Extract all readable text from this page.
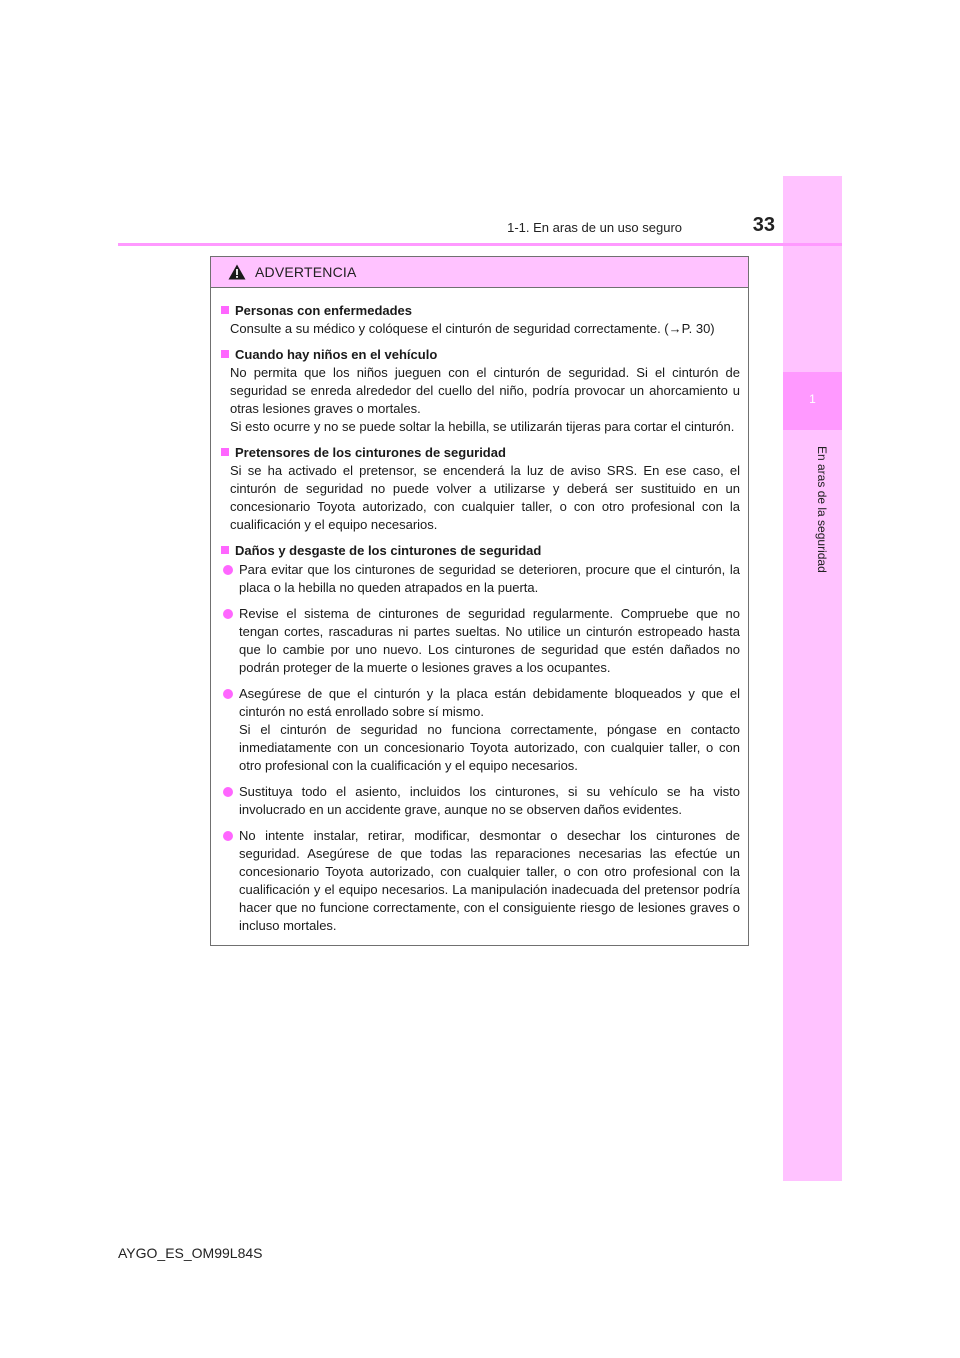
1
En aras de la seguridad
1-1. En aras de un uso seguro	33
ADVERTENCIA
Personas con enfermedades
Consulte a su médico y colóquese el cinturón de seguridad correctamente. (→P. 30)
Cuando hay niños en el vehículo
No permita que los niños jueguen con el cinturón de seguridad. Si el cinturón de seguridad se enreda alrededor del cuello del niño, podría provocar un ahorcamiento u otras lesiones graves o mortales.
Si esto ocurre y no se puede soltar la hebilla, se utilizarán tijeras para cortar el cinturón.
Pretensores de los cinturones de seguridad
Si se ha activado el pretensor, se encenderá la luz de aviso SRS. En ese caso, el cinturón de seguridad no puede volver a utilizarse y deberá ser sustituido en un concesionario Toyota autorizado, con cualquier taller, o con otro profesional con la cualificación y el equipo necesarios.
Daños y desgaste de los cinturones de seguridad
Para evitar que los cinturones de seguridad se deterioren, procure que el cinturón, la placa o la hebilla no queden atrapados en la puerta.
Revise el sistema de cinturones de seguridad regularmente. Compruebe que no tengan cortes, rascaduras ni partes sueltas. No utilice un cinturón estropeado hasta que lo cambie por uno nuevo. Los cinturones de seguridad que estén dañados no podrán proteger de la muerte o lesiones graves a los ocupantes.
Asegúrese de que el cinturón y la placa están debidamente bloqueados y que el cinturón no está enrollado sobre sí mismo.
Si el cinturón de seguridad no funciona correctamente, póngase en contacto inmediatamente con un concesionario Toyota autorizado, con cualquier taller, o con otro profesional con la cualificación y el equipo necesarios.
Sustituya todo el asiento, incluidos los cinturones, si su vehículo se ha visto involucrado en un accidente grave, aunque no se observen daños evidentes.
No intente instalar, retirar, modificar, desmontar o desechar los cinturones de seguridad. Asegúrese de que todas las reparaciones necesarias las efectúe un concesionario Toyota autorizado, con cualquier taller, o con otro profesional con la cualificación y el equipo necesarios. La manipulación inadecuada del pretensor podría hacer que no funcione correctamente, con el consiguiente riesgo de lesiones graves o incluso mortales.
AYGO_ES_OM99L84S
